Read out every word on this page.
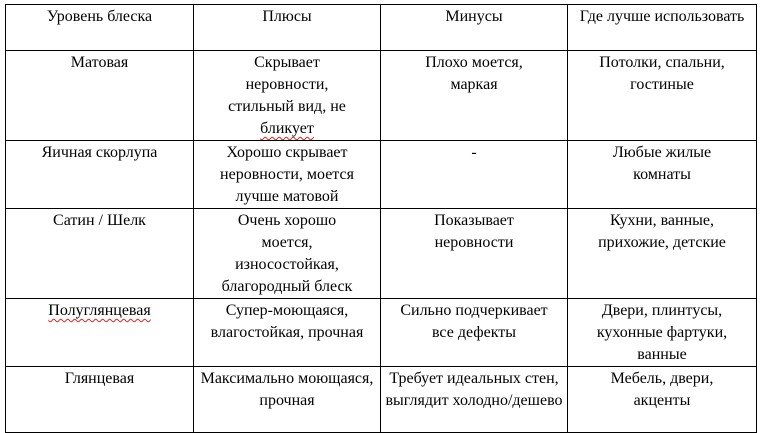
Уровень блеска	Плюсы	Минусы	Где лучше использовать
Матовая	Скрывает неровности, стильный вид, не бликует	Плохо моется, маркая	Потолки, спальни, гостиные
Яичная скорлупа	Хорошо скрывает неровности, моется лучше матовой	-	Любые жилые комнаты
Сатин / Шелк	Очень хорошо моется, износостойкая, благородный блеск	Показывает неровности	Кухни, ванные, прихожие, детские
Полуглянцевая	Супер-моющаяся, влагостойкая, прочная	Сильно подчеркивает все дефекты	Двери, плинтусы, кухонные фартуки, ванные
Глянцевая	Максимально моющаяся, прочная	Требует идеальных стен, выглядит холодно/дешево	Мебель, двери, акценты
